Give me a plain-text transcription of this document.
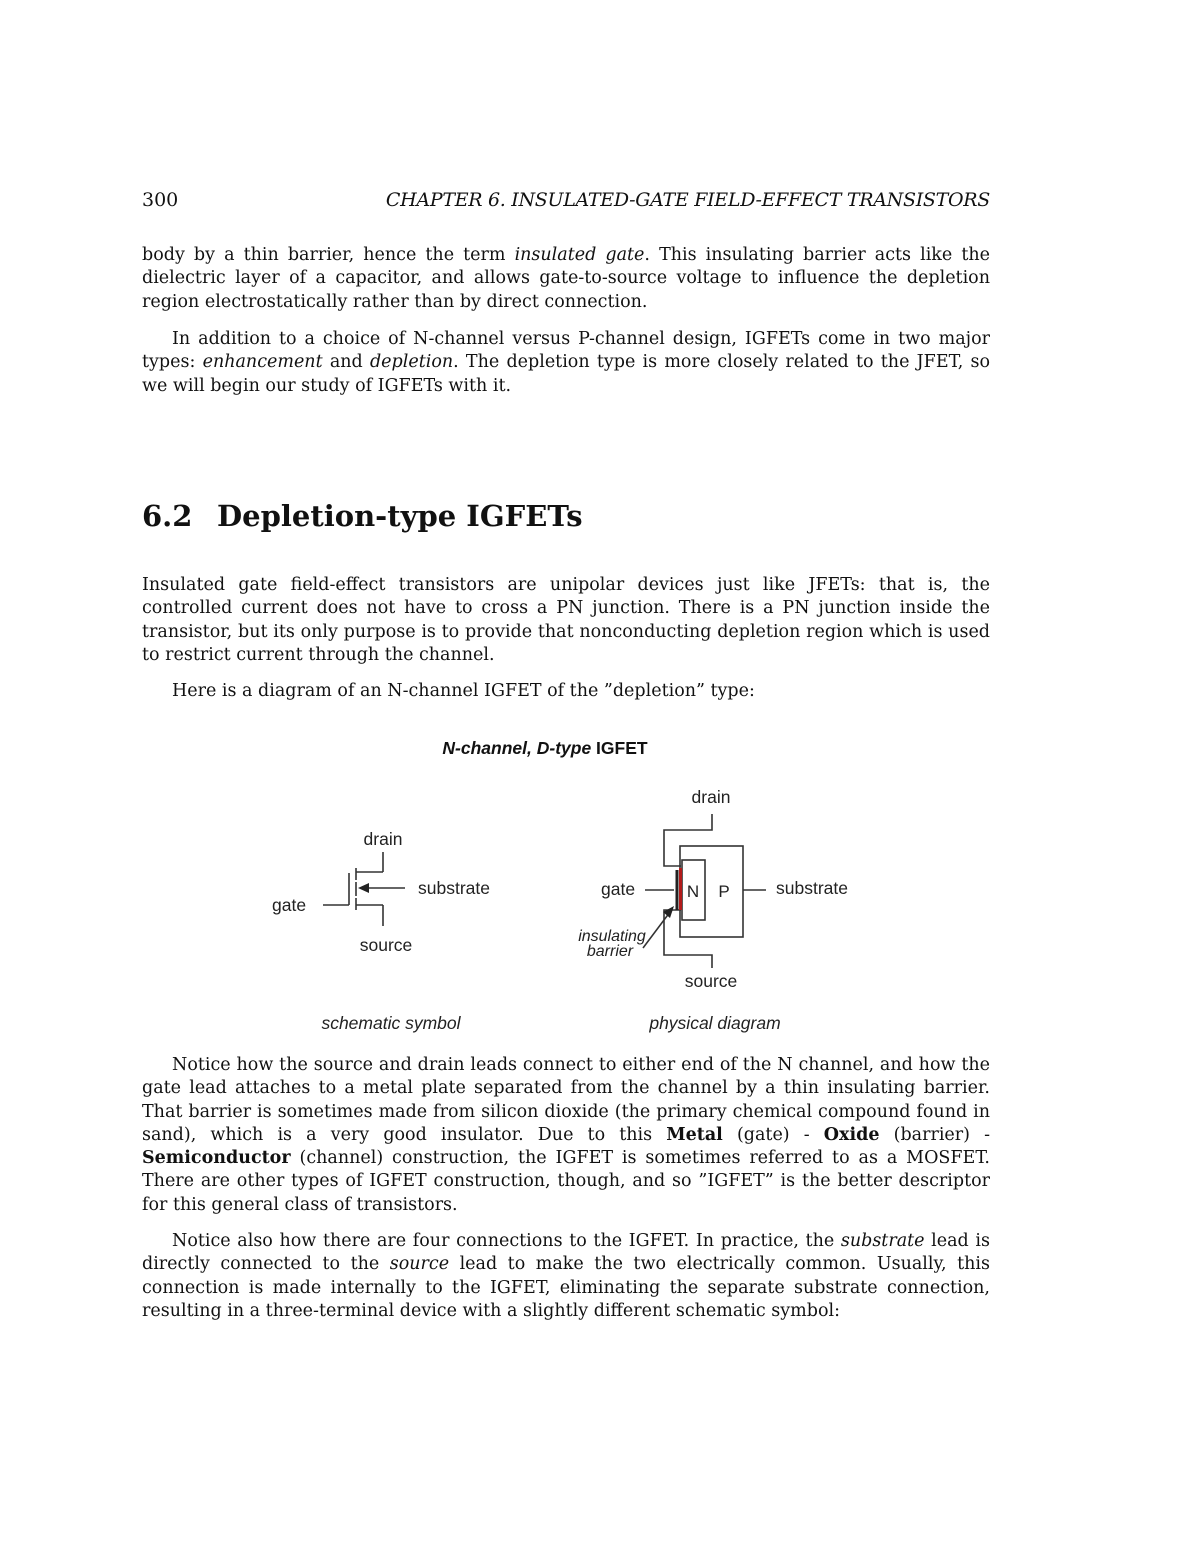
300	CHAPTER 6. INSULATED-GATE FIELD-EFFECT TRANSISTORS

body by a thin barrier, hence the term insulated gate. This insulating barrier acts like the dielectric layer of a capacitor, and allows gate-to-source voltage to influence the depletion region electrostatically rather than by direct connection.

In addition to a choice of N-channel versus P-channel design, IGFETs come in two major types: enhancement and depletion. The depletion type is more closely related to the JFET, so we will begin our study of IGFETs with it.

6.2 Depletion-type IGFETs

Insulated gate field-effect transistors are unipolar devices just like JFETs: that is, the controlled current does not have to cross a PN junction. There is a PN junction inside the transistor, but its only purpose is to provide that nonconducting depletion region which is used to restrict current through the channel.

Here is a diagram of an N-channel IGFET of the ”depletion” type:

N-channel, D-type IGFET
drain
gate
substrate
source
schematic symbol
drain
gate	N P	substrate
insulating
barrier
source
physical diagram

Notice how the source and drain leads connect to either end of the N channel, and how the gate lead attaches to a metal plate separated from the channel by a thin insulating barrier. That barrier is sometimes made from silicon dioxide (the primary chemical compound found in sand), which is a very good insulator. Due to this Metal (gate) - Oxide (barrier) - Semiconductor (channel) construction, the IGFET is sometimes referred to as a MOSFET. There are other types of IGFET construction, though, and so ”IGFET” is the better descriptor for this general class of transistors.

Notice also how there are four connections to the IGFET. In practice, the substrate lead is directly connected to the source lead to make the two electrically common. Usually, this connection is made internally to the IGFET, eliminating the separate substrate connection, resulting in a three-terminal device with a slightly different schematic symbol:
